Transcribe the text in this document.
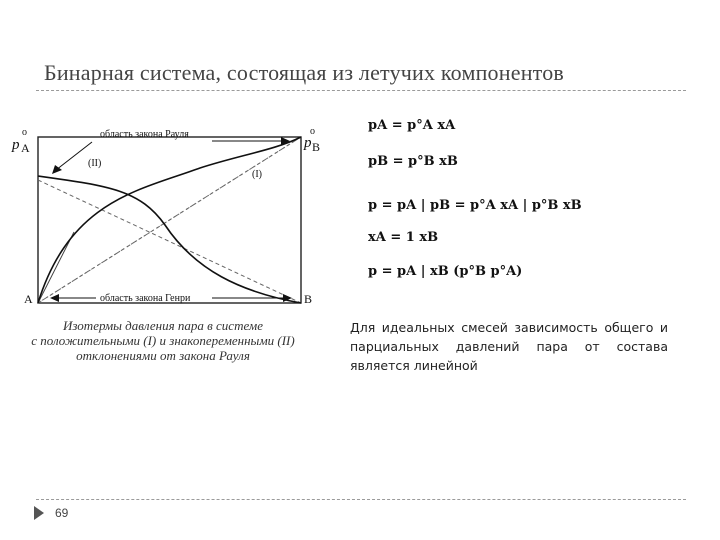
Бинарная система, состоящая из летучих компонентов
p A
o
p B
o
A	B
область закона Рауля
область закона Генри
(I)
(II)
Изотермы давления пара в системе
с положительными (I) и знакопеременными (II)
отклонениями от закона Рауля
pA = p°A xA
pB = p°B xB
p = pA | pB = p°A xA | p°B xB
xA = 1 xB
p = pA | xB (p°B p°A)
Для идеальных смесей зависимость общего и парциальных давлений пара от состава является линейной
69
